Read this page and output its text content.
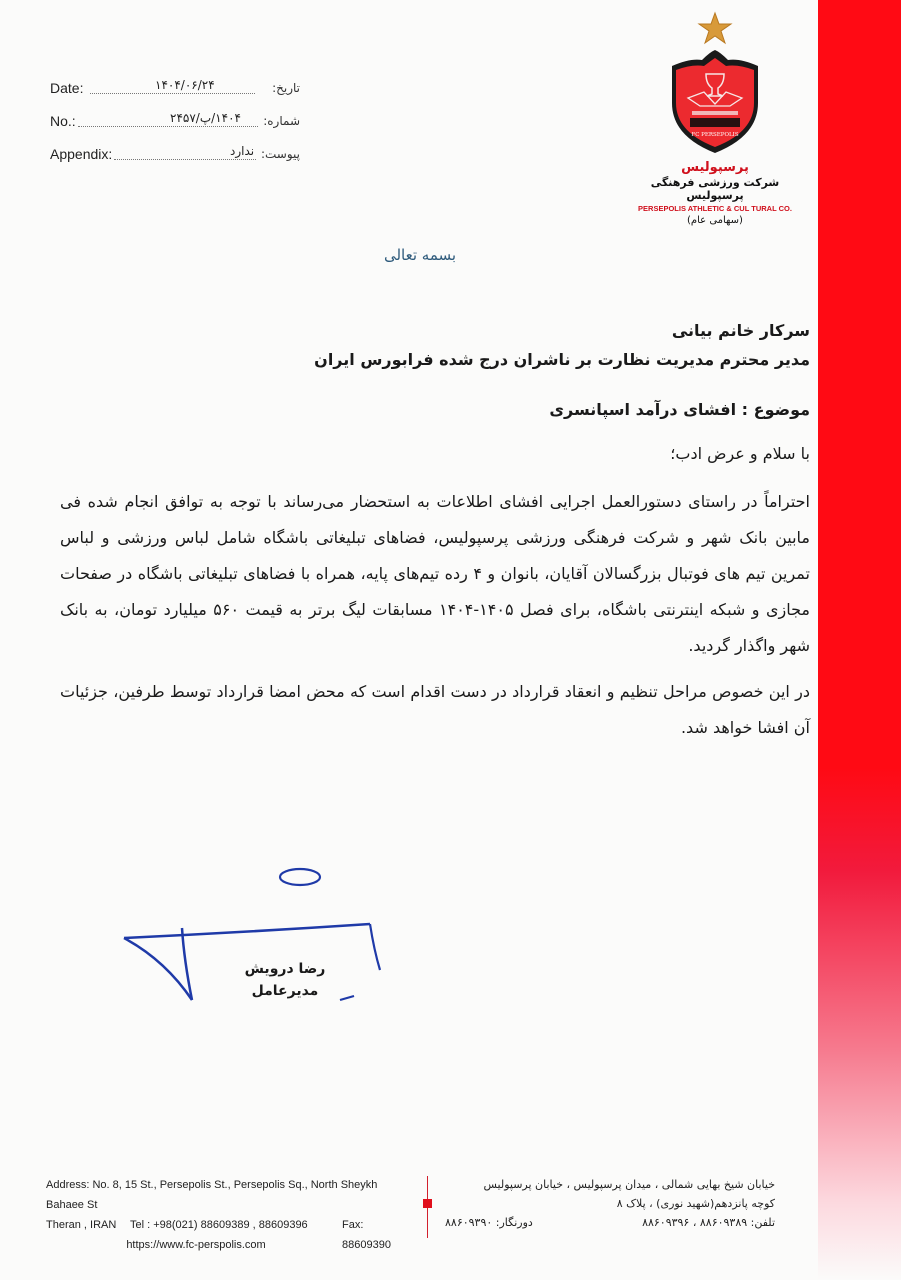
Date:	۱۴۰۴/۰۶/۲۴	تاریخ:
No.:	۱۴۰۴/پ/۲۴۵۷ شماره:
Appendix:	ندارد پیوست:
FC PERSEPOLIS
پرسپولیس
شرکت ورزشی فرهنگی پرسپولیس
PERSEPOLIS ATHLETIC & CUL TURAL CO.
(سهامی عام)
بسمه تعالی
سرکار خانم بیانی
مدیر محترم مدیریت نظارت بر ناشران درج شده فرابورس ایران
موضوع : افشای درآمد اسپانسری
با سلام و عرض ادب؛

احتراماً در راستای دستورالعمل اجرایی افشای اطلاعات به استحضار می‌رساند با توجه به توافق انجام شده فی مابین بانک شهر و شرکت فرهنگی ورزشی پرسپولیس، فضاهای تبلیغاتی باشگاه شامل لباس ورزشی و لباس تمرین تیم های فوتبال بزرگسالان آقایان، بانوان و ۴ رده تیم‌های پایه، همراه با فضاهای تبلیغاتی باشگاه در صفحات مجازی و شبکه اینترنتی باشگاه، برای فصل ۱۴۰۵-۱۴۰۴ مسابقات لیگ برتر به قیمت ۵۶۰ میلیارد تومان، به بانک شهر واگذار گردید.

در این خصوص مراحل تنظیم و انعقاد قرارداد در دست اقدام است که محض امضا قرارداد توسط طرفین، جزئیات آن افشا خواهد شد.

رضا درویش
مدیرعامل
Address: No. 8, 15 St., Persepolis St., Persepolis Sq., North Sheykh Bahaee St
Theran , IRAN Tel : +98(021) 88609389 , 88609396	Fax: 88609390
https://www.fc-perspolis.com
خیابان شیخ بهایی شمالی ، میدان پرسپولیس ، خیابان پرسپولیس
کوچه پانزدهم(شهید نوری) ، پلاک ۸
تلفن: ۸۸۶۰۹۳۸۹ ، ۸۸۶۰۹۳۹۶
دورنگار: ۸۸۶۰۹۳۹۰
